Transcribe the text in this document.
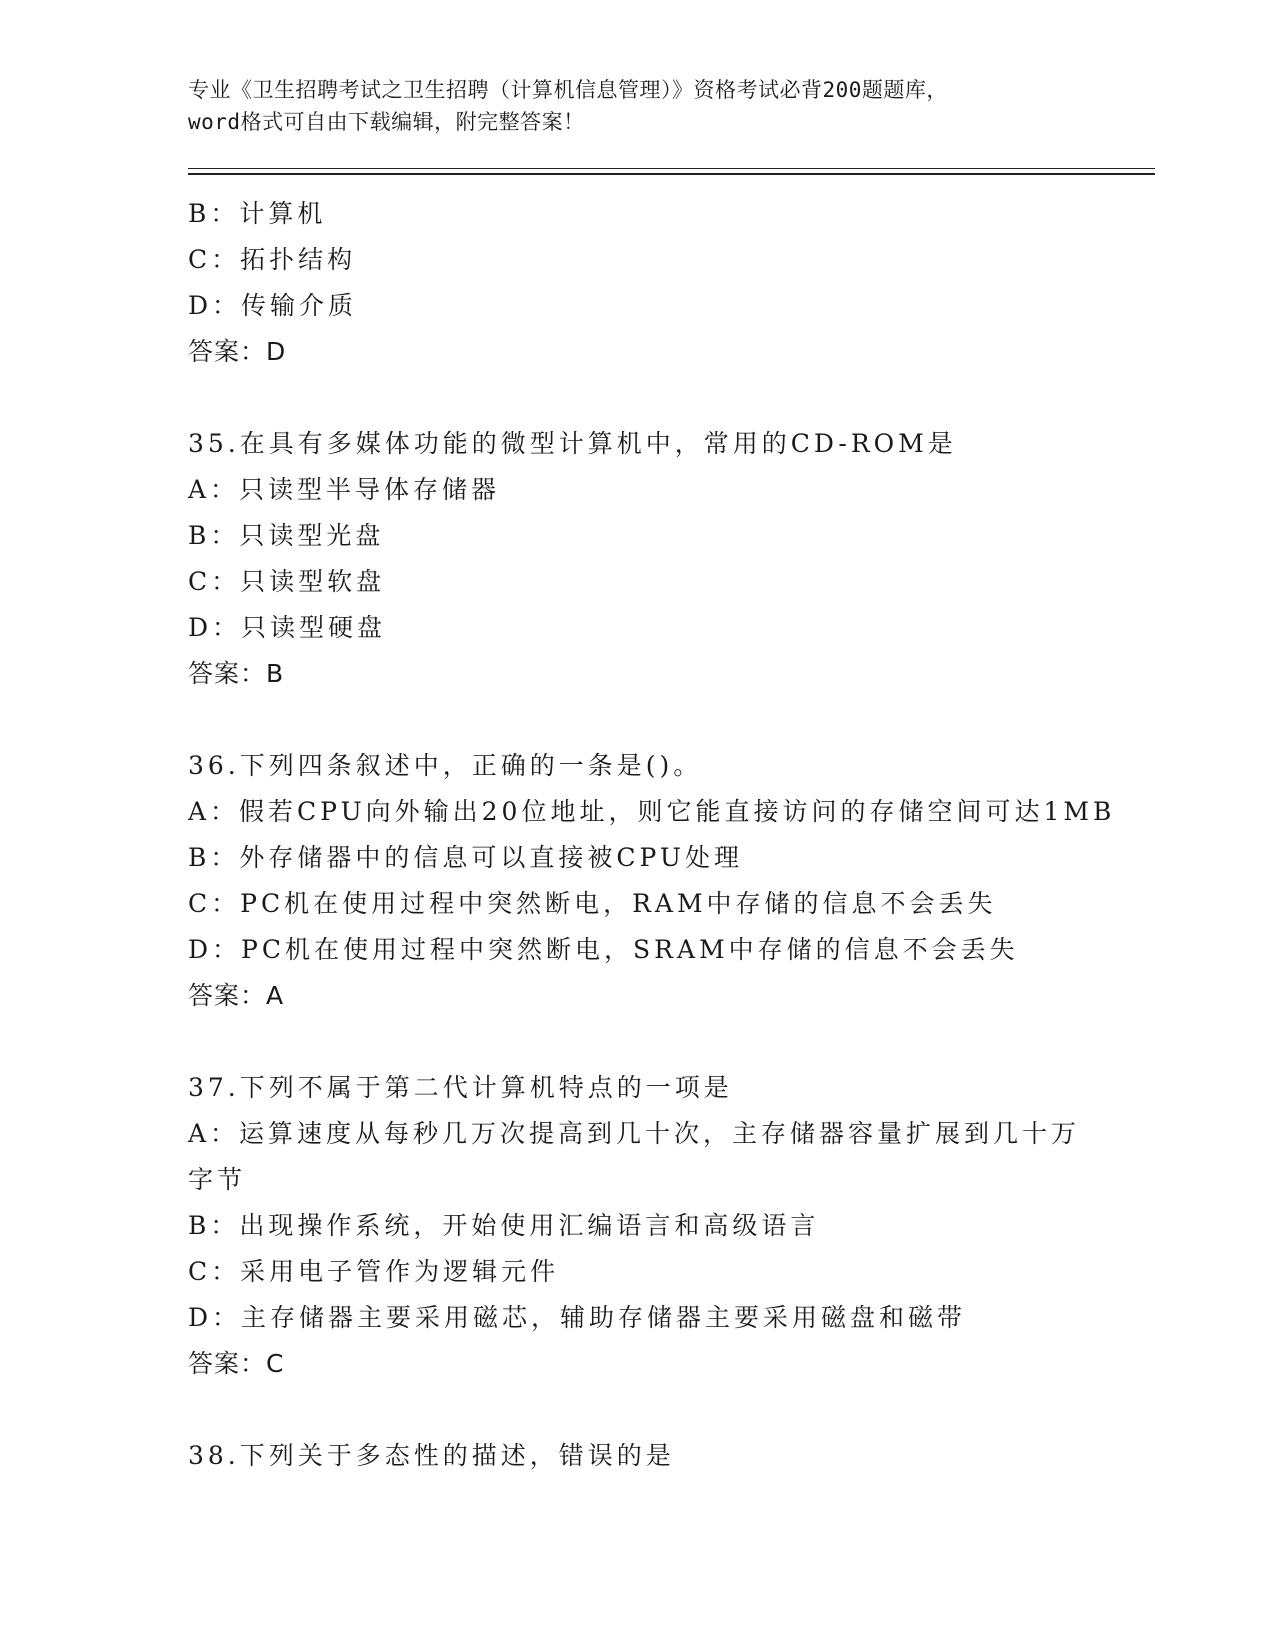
专业《卫生招聘考试之卫生招聘（计算机信息管理）》资格考试必背200题题库，
word格式可自由下载编辑，附完整答案！
B：计算机
C：拓扑结构
D：传输介质
答案：D
35.在具有多媒体功能的微型计算机中，常用的CD-ROM是
A：只读型半导体存储器
B：只读型光盘
C：只读型软盘
D：只读型硬盘
答案：B
36.下列四条叙述中，正确的一条是()。
A：假若CPU向外输出20位地址，则它能直接访问的存储空间可达1MB
B：外存储器中的信息可以直接被CPU处理
C：PC机在使用过程中突然断电，RAM中存储的信息不会丢失
D：PC机在使用过程中突然断电，SRAM中存储的信息不会丢失
答案：A
37.下列不属于第二代计算机特点的一项是
A：运算速度从每秒几万次提高到几十次，主存储器容量扩展到几十万
字节
B：出现操作系统，开始使用汇编语言和高级语言
C：采用电子管作为逻辑元件
D：主存储器主要采用磁芯，辅助存储器主要采用磁盘和磁带
答案：C
38.下列关于多态性的描述，错误的是
